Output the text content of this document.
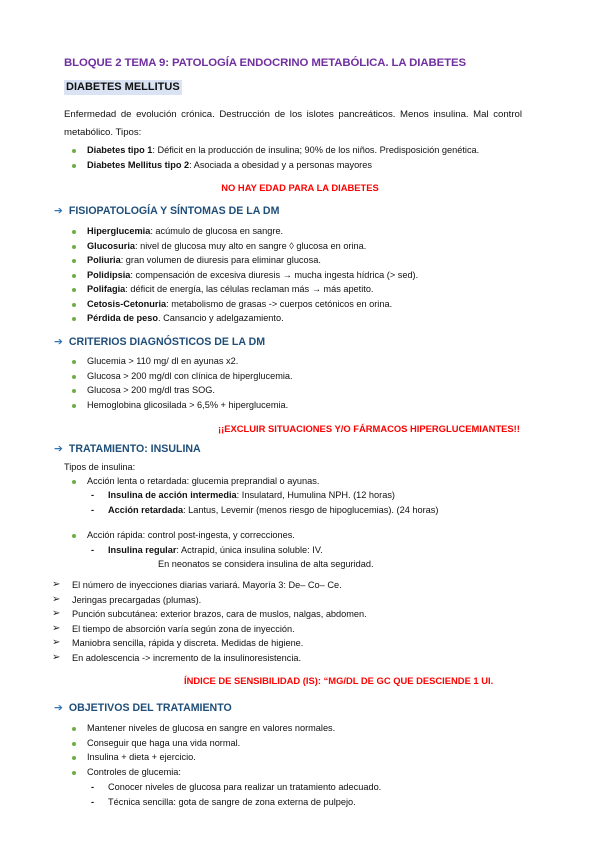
BLOQUE 2 TEMA 9: PATOLOGÍA ENDOCRINO METABÓLICA. LA DIABETES
DIABETES MELLITUS
Enfermedad de evolución crónica. Destrucción de los islotes pancreáticos. Menos insulina. Mal control metabólico. Tipos:
Diabetes tipo 1: Déficit en la producción de insulina; 90% de los niños. Predisposición genética.
Diabetes Mellitus tipo 2: Asociada a obesidad y a personas mayores
NO HAY EDAD PARA LA DIABETES
➔ FISIOPATOLOGÍA Y SÍNTOMAS DE LA DM
Hiperglucemia: acúmulo de glucosa en sangre.
Glucosuria: nivel de glucosa muy alto en sangre ◊ glucosa en orina.
Poliuria: gran volumen de diuresis para eliminar glucosa.
Polidipsia: compensación de excesiva diuresis → mucha ingesta hídrica (> sed).
Polifagia: déficit de energía, las células reclaman más → más apetito.
Cetosis-Cetonuria: metabolismo de grasas -> cuerpos cetónicos en orina.
Pérdida de peso. Cansancio y adelgazamiento.
➔ CRITERIOS DIAGNÓSTICOS DE LA DM
Glucemia > 110 mg/ dl en ayunas x2.
Glucosa > 200 mg/dl con clínica de hiperglucemia.
Glucosa > 200 mg/dl tras SOG.
Hemoglobina glicosilada > 6,5% + hiperglucemia.
¡¡EXCLUIR SITUACIONES Y/O FÁRMACOS HIPERGLUCEMIANTES!!
➔ TRATAMIENTO: INSULINA
Tipos de insulina:
Acción lenta o retardada: glucemia preprandial o ayunas.
- Insulina de acción intermedia: Insulatard, Humulina NPH. (12 horas)
- Acción retardada: Lantus, Levemir (menos riesgo de hipoglucemias). (24 horas)
Acción rápida: control post-ingesta, y correcciones.
- Insulina regular: Actrapid, única insulina soluble: IV.
En neonatos se considera insulina de alta seguridad.
➢ El número de inyecciones diarias variará. Mayoría 3: De– Co– Ce.
➢ Jeringas precargadas (plumas).
➢ Punción subcutánea: exterior brazos, cara de muslos, nalgas, abdomen.
➢ El tiempo de absorción varía según zona de inyección.
➢ Maniobra sencilla, rápida y discreta. Medidas de higiene.
➢ En adolescencia -> incremento de la insulinoresistencia.
ÍNDICE DE SENSIBILIDAD (IS): “MG/DL DE GC QUE DESCIENDE 1 UI.
➔ OBJETIVOS DEL TRATAMIENTO
Mantener niveles de glucosa en sangre en valores normales.
Conseguir que haga una vida normal.
Insulina + dieta + ejercicio.
Controles de glucemia:
- Conocer niveles de glucosa para realizar un tratamiento adecuado.
- Técnica sencilla: gota de sangre de zona externa de pulpejo.
